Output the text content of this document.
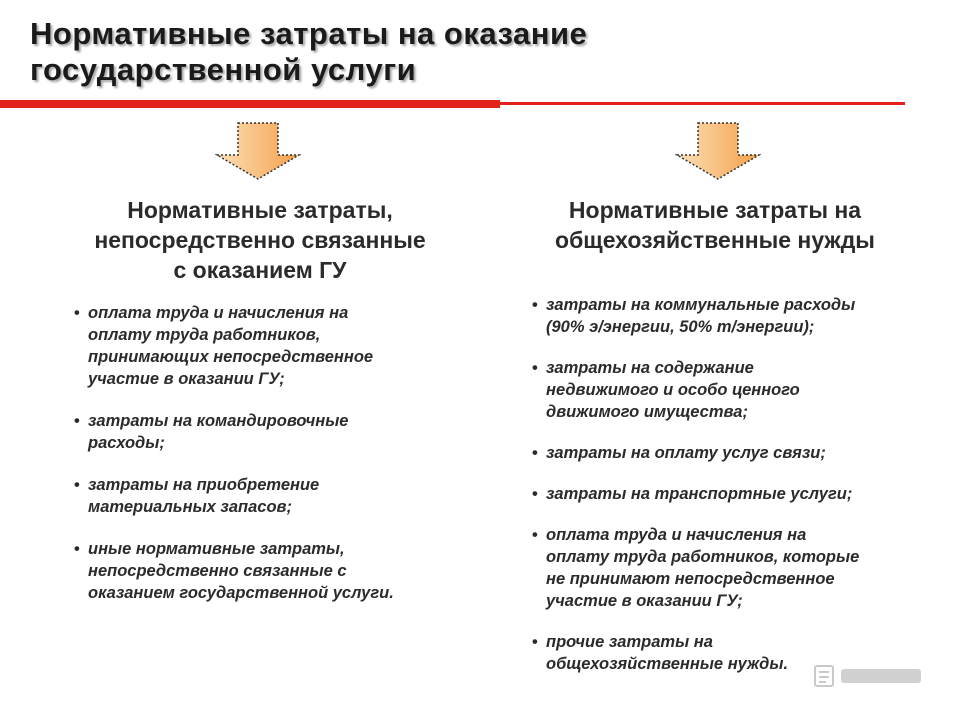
Нормативные затраты на оказание
государственной услуги
Нормативные затраты,
непосредственно связанные
с оказанием ГУ
Нормативные затраты на
общехозяйственные нужды
• оплата труда и начисления на
оплату труда работников,
принимающих непосредственное
участие в оказании ГУ;
• затраты на командировочные
расходы;
• затраты на приобретение
материальных запасов;
• иные нормативные затраты,
непосредственно связанные с
оказанием государственной услуги.
• затраты на коммунальные расходы
(90% э/энергии, 50% т/энергии);
• затраты на содержание
недвижимого и особо ценного
движимого имущества;
• затраты на оплату услуг связи;
• затраты на транспортные услуги;
• оплата труда и начисления на
оплату труда работников, которые
не принимают непосредственное
участие в оказании ГУ;
• прочие затраты на
общехозяйственные нужды.
